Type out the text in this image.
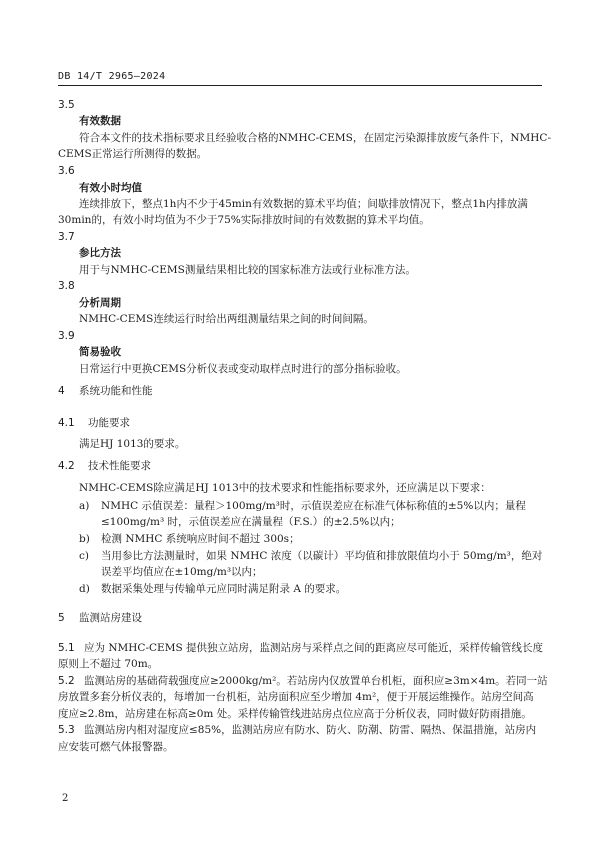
DB 14/T 2965—2024
3.5
有效数据
符合本文件的技术指标要求且经验收合格的NMHC-CEMS，在固定污染源排放废气条件下，NMHC-
CEMS正常运行所测得的数据。
3.6
有效小时均值
连续排放下，整点1h内不少于45min有效数据的算术平均值；间歇排放情况下，整点1h内排放满
30min的，有效小时均值为不少于75%实际排放时间的有效数据的算术平均值。
3.7
参比方法
用于与NMHC-CEMS测量结果相比较的国家标准方法或行业标准方法。
3.8
分析周期
NMHC-CEMS连续运行时给出两组测量结果之间的时间间隔。
3.9
简易验收
日常运行中更换CEMS分析仪表或变动取样点时进行的部分指标验收。
4 系统功能和性能
4.1 功能要求
满足HJ 1013的要求。
4.2 技术性能要求
NMHC-CEMS除应满足HJ 1013中的技术要求和性能指标要求外，还应满足以下要求：
a) NMHC 示值误差：量程＞100mg/m³时，示值误差应在标准气体标称值的±5%以内；量程
≤100mg/m³ 时，示值误差应在满量程（F.S.）的±2.5%以内；
b) 检测 NMHC 系统响应时间不超过 300s；
c) 当用参比方法测量时，如果 NMHC 浓度（以碳计）平均值和排放限值均小于 50mg/m³，绝对
误差平均值应在±10mg/m³以内；
d) 数据采集处理与传输单元应同时满足附录 A 的要求。
5 监测站房建设
5.1 应为 NMHC-CEMS 提供独立站房，监测站房与采样点之间的距离应尽可能近，采样传输管线长度
原则上不超过 70m。
5.2 监测站房的基础荷载强度应≥2000kg/m²。若站房内仅放置单台机柜，面积应≥3m×4m。若同一站
房放置多套分析仪表的，每增加一台机柜，站房面积应至少增加 4m²，便于开展运维操作。站房空间高
度应≥2.8m，站房建在标高≥0m 处。采样传输管线进站房点位应高于分析仪表，同时做好防雨措施。
5.3 监测站房内相对湿度应≤85%，监测站房应有防水、防火、防潮、防雷、隔热、保温措施，站房内
应安装可燃气体报警器。
2
